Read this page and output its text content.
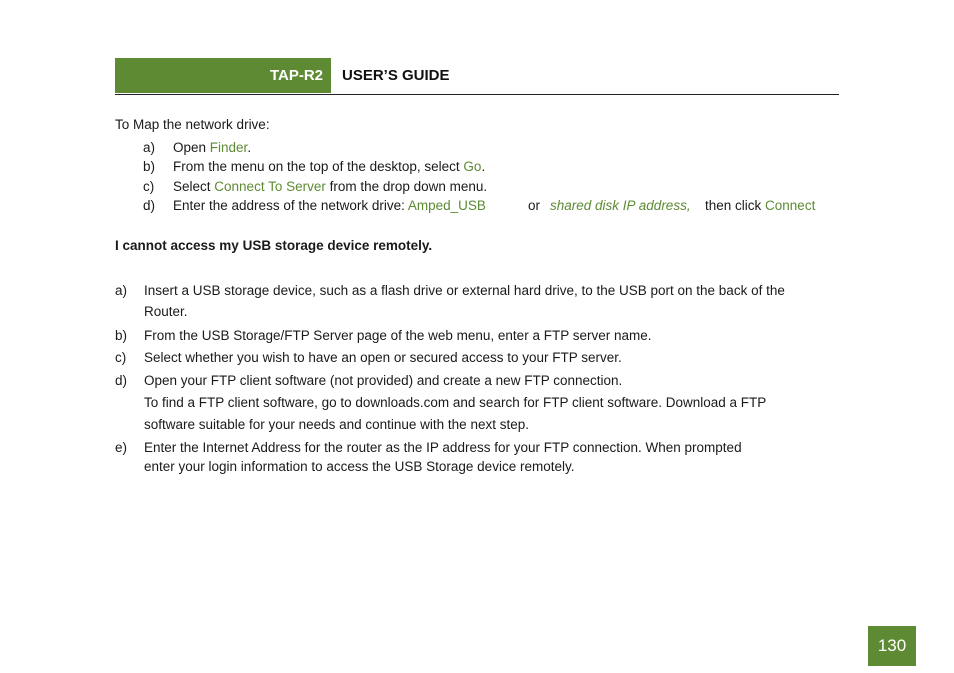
TAP-R2	USER’S GUIDE
To Map the network drive:
a) Open Finder.
b) From the menu on the top of the desktop, select Go.
c) Select Connect To Server from the drop down menu.
d) Enter the address of the network drive: Amped_USB	or shared disk IP address, then click Connect
I cannot access my USB storage device remotely.
a) Insert a USB storage device, such as a flash drive or external hard drive, to the USB port on the back of the
Router.
b) From the USB Storage/FTP Server page of the web menu, enter a FTP server name.
c) Select whether you wish to have an open or secured access to your FTP server.
d) Open your FTP client software (not provided) and create a new FTP connection.
To find a FTP client software, go to downloads.com and search for FTP client software. Download a FTP
software suitable for your needs and continue with the next step.
e) Enter the Internet Address for the router as the IP address for your FTP connection. When prompted
enter your login information to access the USB Storage device remotely.
130
